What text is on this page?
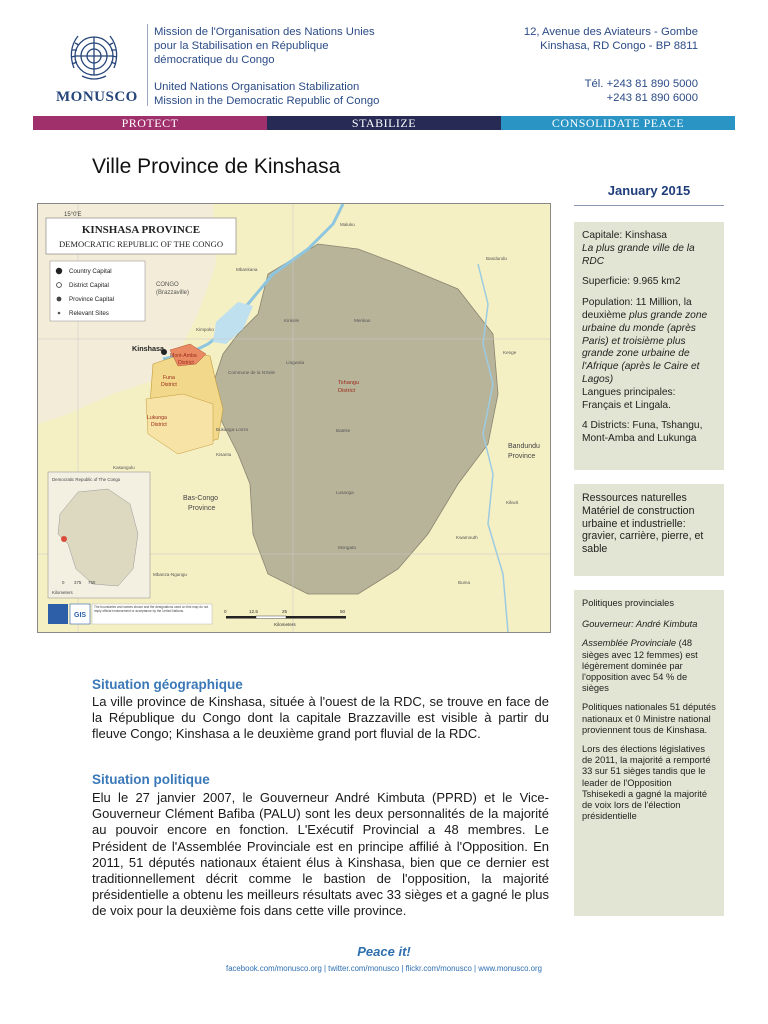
MONUSCO
Mission de l'Organisation des Nations Unies
pour la Stabilisation en République
démocratique du Congo
United Nations Organisation Stabilization
Mission in the Democratic Republic of Congo
12, Avenue des Aviateurs - Gombe
Kinshasa, RD Congo - BP 8811
Tél. +243 81 890 5000
+243 81 890 6000
PROTECT	STABILIZE	CONSOLIDATE PEACE
Ville Province de Kinshasa
January 2015
KINSHASA PROVINCE
DEMOCRATIC REPUBLIC OF THE CONGO
15°0'E
Country Capital
District Capital
Province Capital
Relevant Sites
CONGO
(Brazzaville)
Kinshasa
Mont-Amba
District
Funa
District
Lukunga
District
Tshangu
District
Bas-Congo
Province
Bandundu
Province
Maluku
Mbankana
Kimpoko
Commune de la N'Sele
Kinkole	Menkao
Lingwala
Bateke
Bukanga-Lonzo
Kasangulu
Kisantu
Mbanza-Ngungu
Lusanga
Kikwit
Kenge
Kwamouth
Mongata
Buma
Bandundu
Democratic Republic of The Congo
Kilometers
0 375 750
GIS
The boundaries and names shown and the designations used on this map do not imply official endorsement or acceptance by the United Nations.	0	12.5	25	50
Kilometers

Capitale: Kinshasa
La plus grande ville de la RDC

Superficie: 9.965 km2

Population: 11 Million, la deuxième plus grande zone urbaine du monde (après Paris) et troisième plus grande zone urbaine de l'Afrique (après le Caire et Lagos)

Langues principales: Français et Lingala.

4 Districts: Funa, Tshangu, Mont-Amba and Lukunga

Ressources naturelles
Matériel de construction urbaine et industrielle: gravier, carrière, pierre, et sable

Politiques provinciales

Gouverneur: André Kimbuta

Assemblée Provinciale (48 sièges avec 12 femmes) est légèrement dominée par l'opposition avec 54 % de sièges

Politiques nationales 51 députés nationaux et 0 Ministre national proviennent tous de Kinshasa.

Lors des élections législatives de 2011, la majorité a remporté 33 sur 51 sièges tandis que le leader de l'Opposition Tshisekedi a gagné la majorité de voix lors de l'élection présidentielle

Situation géographique
La ville province de Kinshasa, située à l'ouest de la RDC, se trouve en face de la République du Congo dont la capitale Brazzaville est visible à partir du fleuve Congo; Kinshasa a le deuxième grand port fluvial de la RDC.
Situation politique
Elu le 27 janvier 2007, le Gouverneur André Kimbuta (PPRD) et le Vice-Gouverneur Clément Bafiba (PALU) sont les deux personnalités de la majorité au pouvoir encore en fonction. L'Exécutif Provincial a 48 membres. Le Président de l'Assemblée Provinciale est en principe affilié à l'Opposition. En 2011, 51 députés nationaux étaient élus à Kinshasa, bien que ce dernier est traditionnellement décrit comme le bastion de l'opposition, la majorité présidentielle a obtenu les meilleurs résultats avec 33 sièges et a gagné le plus de voix pour la deuxième fois dans cette ville province.
Peace it!
facebook.com/monusco.org | twitter.com/monusco | flickr.com/monusco | www.monusco.org
